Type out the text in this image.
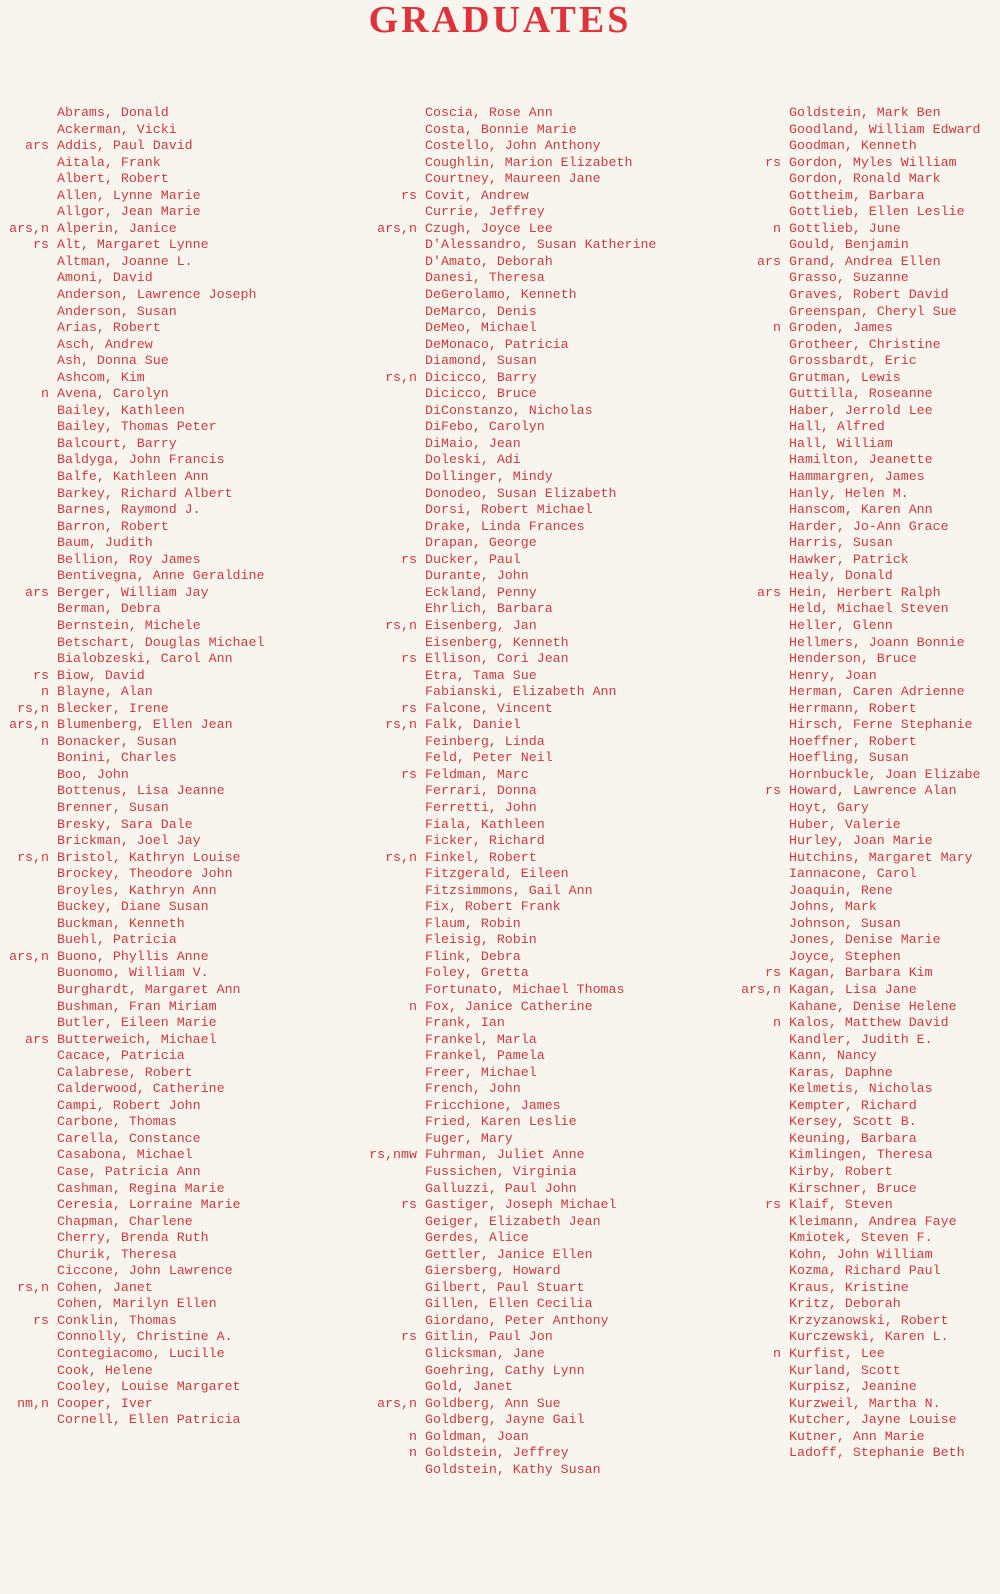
GRADUATES
Abrams, Donald
Ackerman, Vicki
ars Addis, Paul David
Aitala, Frank
Albert, Robert
Allen, Lynne Marie
Allgor, Jean Marie
ars,n Alperin, Janice
rs Alt, Margaret Lynne
Altman, Joanne L.
Amoni, David
Anderson, Lawrence Joseph
Anderson, Susan
Arias, Robert
Asch, Andrew
Ash, Donna Sue
Ashcom, Kim
n Avena, Carolyn
Bailey, Kathleen
Bailey, Thomas Peter
Balcourt, Barry
Baldyga, John Francis
Balfe, Kathleen Ann
Barkey, Richard Albert
Barnes, Raymond J.
Barron, Robert
Baum, Judith
Bellion, Roy James
Bentivegna, Anne Geraldine
ars Berger, William Jay
Berman, Debra
Bernstein, Michele
Betschart, Douglas Michael
Bialobzeski, Carol Ann
rs Biow, David
n Blayne, Alan
rs,n Blecker, Irene
ars,n Blumenberg, Ellen Jean
n Bonacker, Susan
Bonini, Charles
Boo, John
Bottenus, Lisa Jeanne
Brenner, Susan
Bresky, Sara Dale
Brickman, Joel Jay
rs,n Bristol, Kathryn Louise
Brockey, Theodore John
Broyles, Kathryn Ann
Buckey, Diane Susan
Buckman, Kenneth
Buehl, Patricia
ars,n Buono, Phyllis Anne
Buonomo, William V.
Burghardt, Margaret Ann
Bushman, Fran Miriam
Butler, Eileen Marie
ars Butterweich, Michael
Cacace, Patricia
Calabrese, Robert
Calderwood, Catherine
Campi, Robert John
Carbone, Thomas
Carella, Constance
Casabona, Michael
Case, Patricia Ann
Cashman, Regina Marie
Ceresia, Lorraine Marie
Chapman, Charlene
Cherry, Brenda Ruth
Churik, Theresa
Ciccone, John Lawrence
rs,n Cohen, Janet
Cohen, Marilyn Ellen
rs Conklin, Thomas
Connolly, Christine A.
Contegiacomo, Lucille
Cook, Helene
Cooley, Louise Margaret
nm,n Cooper, Iver
Cornell, Ellen Patricia
Coscia, Rose Ann
Costa, Bonnie Marie
Costello, John Anthony
Coughlin, Marion Elizabeth
Courtney, Maureen Jane
rs Covit, Andrew
Currie, Jeffrey
ars,n Czugh, Joyce Lee
D'Alessandro, Susan Katherine
D'Amato, Deborah
Danesi, Theresa
DeGerolamo, Kenneth
DeMarco, Denis
DeMeo, Michael
DeMonaco, Patricia
Diamond, Susan
rs,n Dicicco, Barry
Dicicco, Bruce
DiConstanzo, Nicholas
DiFebo, Carolyn
DiMaio, Jean
Doleski, Adi
Dollinger, Mindy
Donodeo, Susan Elizabeth
Dorsi, Robert Michael
Drake, Linda Frances
Drapan, George
rs Ducker, Paul
Durante, John
Eckland, Penny
Ehrlich, Barbara
rs,n Eisenberg, Jan
Eisenberg, Kenneth
rs Ellison, Cori Jean
Etra, Tama Sue
Fabianski, Elizabeth Ann
rs Falcone, Vincent
rs,n Falk, Daniel
Feinberg, Linda
Feld, Peter Neil
rs Feldman, Marc
Ferrari, Donna
Ferretti, John
Fiala, Kathleen
Ficker, Richard
rs,n Finkel, Robert
Fitzgerald, Eileen
Fitzsimmons, Gail Ann
Fix, Robert Frank
Flaum, Robin
Fleisig, Robin
Flink, Debra
Foley, Gretta
Fortunato, Michael Thomas
n Fox, Janice Catherine
Frank, Ian
Frankel, Marla
Frankel, Pamela
Freer, Michael
French, John
Fricchione, James
Fried, Karen Leslie
Fuger, Mary
rs,nmw Fuhrman, Juliet Anne
Fussichen, Virginia
Galluzzi, Paul John
rs Gastiger, Joseph Michael
Geiger, Elizabeth Jean
Gerdes, Alice
Gettler, Janice Ellen
Giersberg, Howard
Gilbert, Paul Stuart
Gillen, Ellen Cecilia
Giordano, Peter Anthony
rs Gitlin, Paul Jon
Glicksman, Jane
Goehring, Cathy Lynn
Gold, Janet
ars,n Goldberg, Ann Sue
Goldberg, Jayne Gail
n Goldman, Joan
n Goldstein, Jeffrey
Goldstein, Kathy Susan
Goldstein, Mark Ben
Goodland, William Edward
Goodman, Kenneth
rs Gordon, Myles William
Gordon, Ronald Mark
Gottheim, Barbara
Gottlieb, Ellen Leslie
n Gottlieb, June
Gould, Benjamin
ars Grand, Andrea Ellen
Grasso, Suzanne
Graves, Robert David
Greenspan, Cheryl Sue
n Groden, James
Grotheer, Christine
Grossbardt, Eric
Grutman, Lewis
Guttilla, Roseanne
Haber, Jerrold Lee
Hall, Alfred
Hall, William
Hamilton, Jeanette
Hammargren, James
Hanly, Helen M.
Hanscom, Karen Ann
Harder, Jo-Ann Grace
Harris, Susan
Hawker, Patrick
Healy, Donald
ars Hein, Herbert Ralph
Held, Michael Steven
Heller, Glenn
Hellmers, Joann Bonnie
Henderson, Bruce
Henry, Joan
Herman, Caren Adrienne
Herrmann, Robert
Hirsch, Ferne Stephanie
Hoeffner, Robert
Hoefling, Susan
Hornbuckle, Joan Elizabe
rs Howard, Lawrence Alan
Hoyt, Gary
Huber, Valerie
Hurley, Joan Marie
Hutchins, Margaret Mary
Iannacone, Carol
Joaquin, Rene
Johns, Mark
Johnson, Susan
Jones, Denise Marie
Joyce, Stephen
rs Kagan, Barbara Kim
ars,n Kagan, Lisa Jane
Kahane, Denise Helene
n Kalos, Matthew David
Kandler, Judith E.
Kann, Nancy
Karas, Daphne
Kelmetis, Nicholas
Kempter, Richard
Kersey, Scott B.
Keuning, Barbara
Kimlingen, Theresa
Kirby, Robert
Kirschner, Bruce
rs Klaif, Steven
Kleimann, Andrea Faye
Kmiotek, Steven F.
Kohn, John William
Kozma, Richard Paul
Kraus, Kristine
Kritz, Deborah
Krzyzanowski, Robert
Kurczewski, Karen L.
n Kurfist, Lee
Kurland, Scott
Kurpisz, Jeanine
Kurzweil, Martha N.
Kutcher, Jayne Louise
Kutner, Ann Marie
Ladoff, Stephanie Beth
